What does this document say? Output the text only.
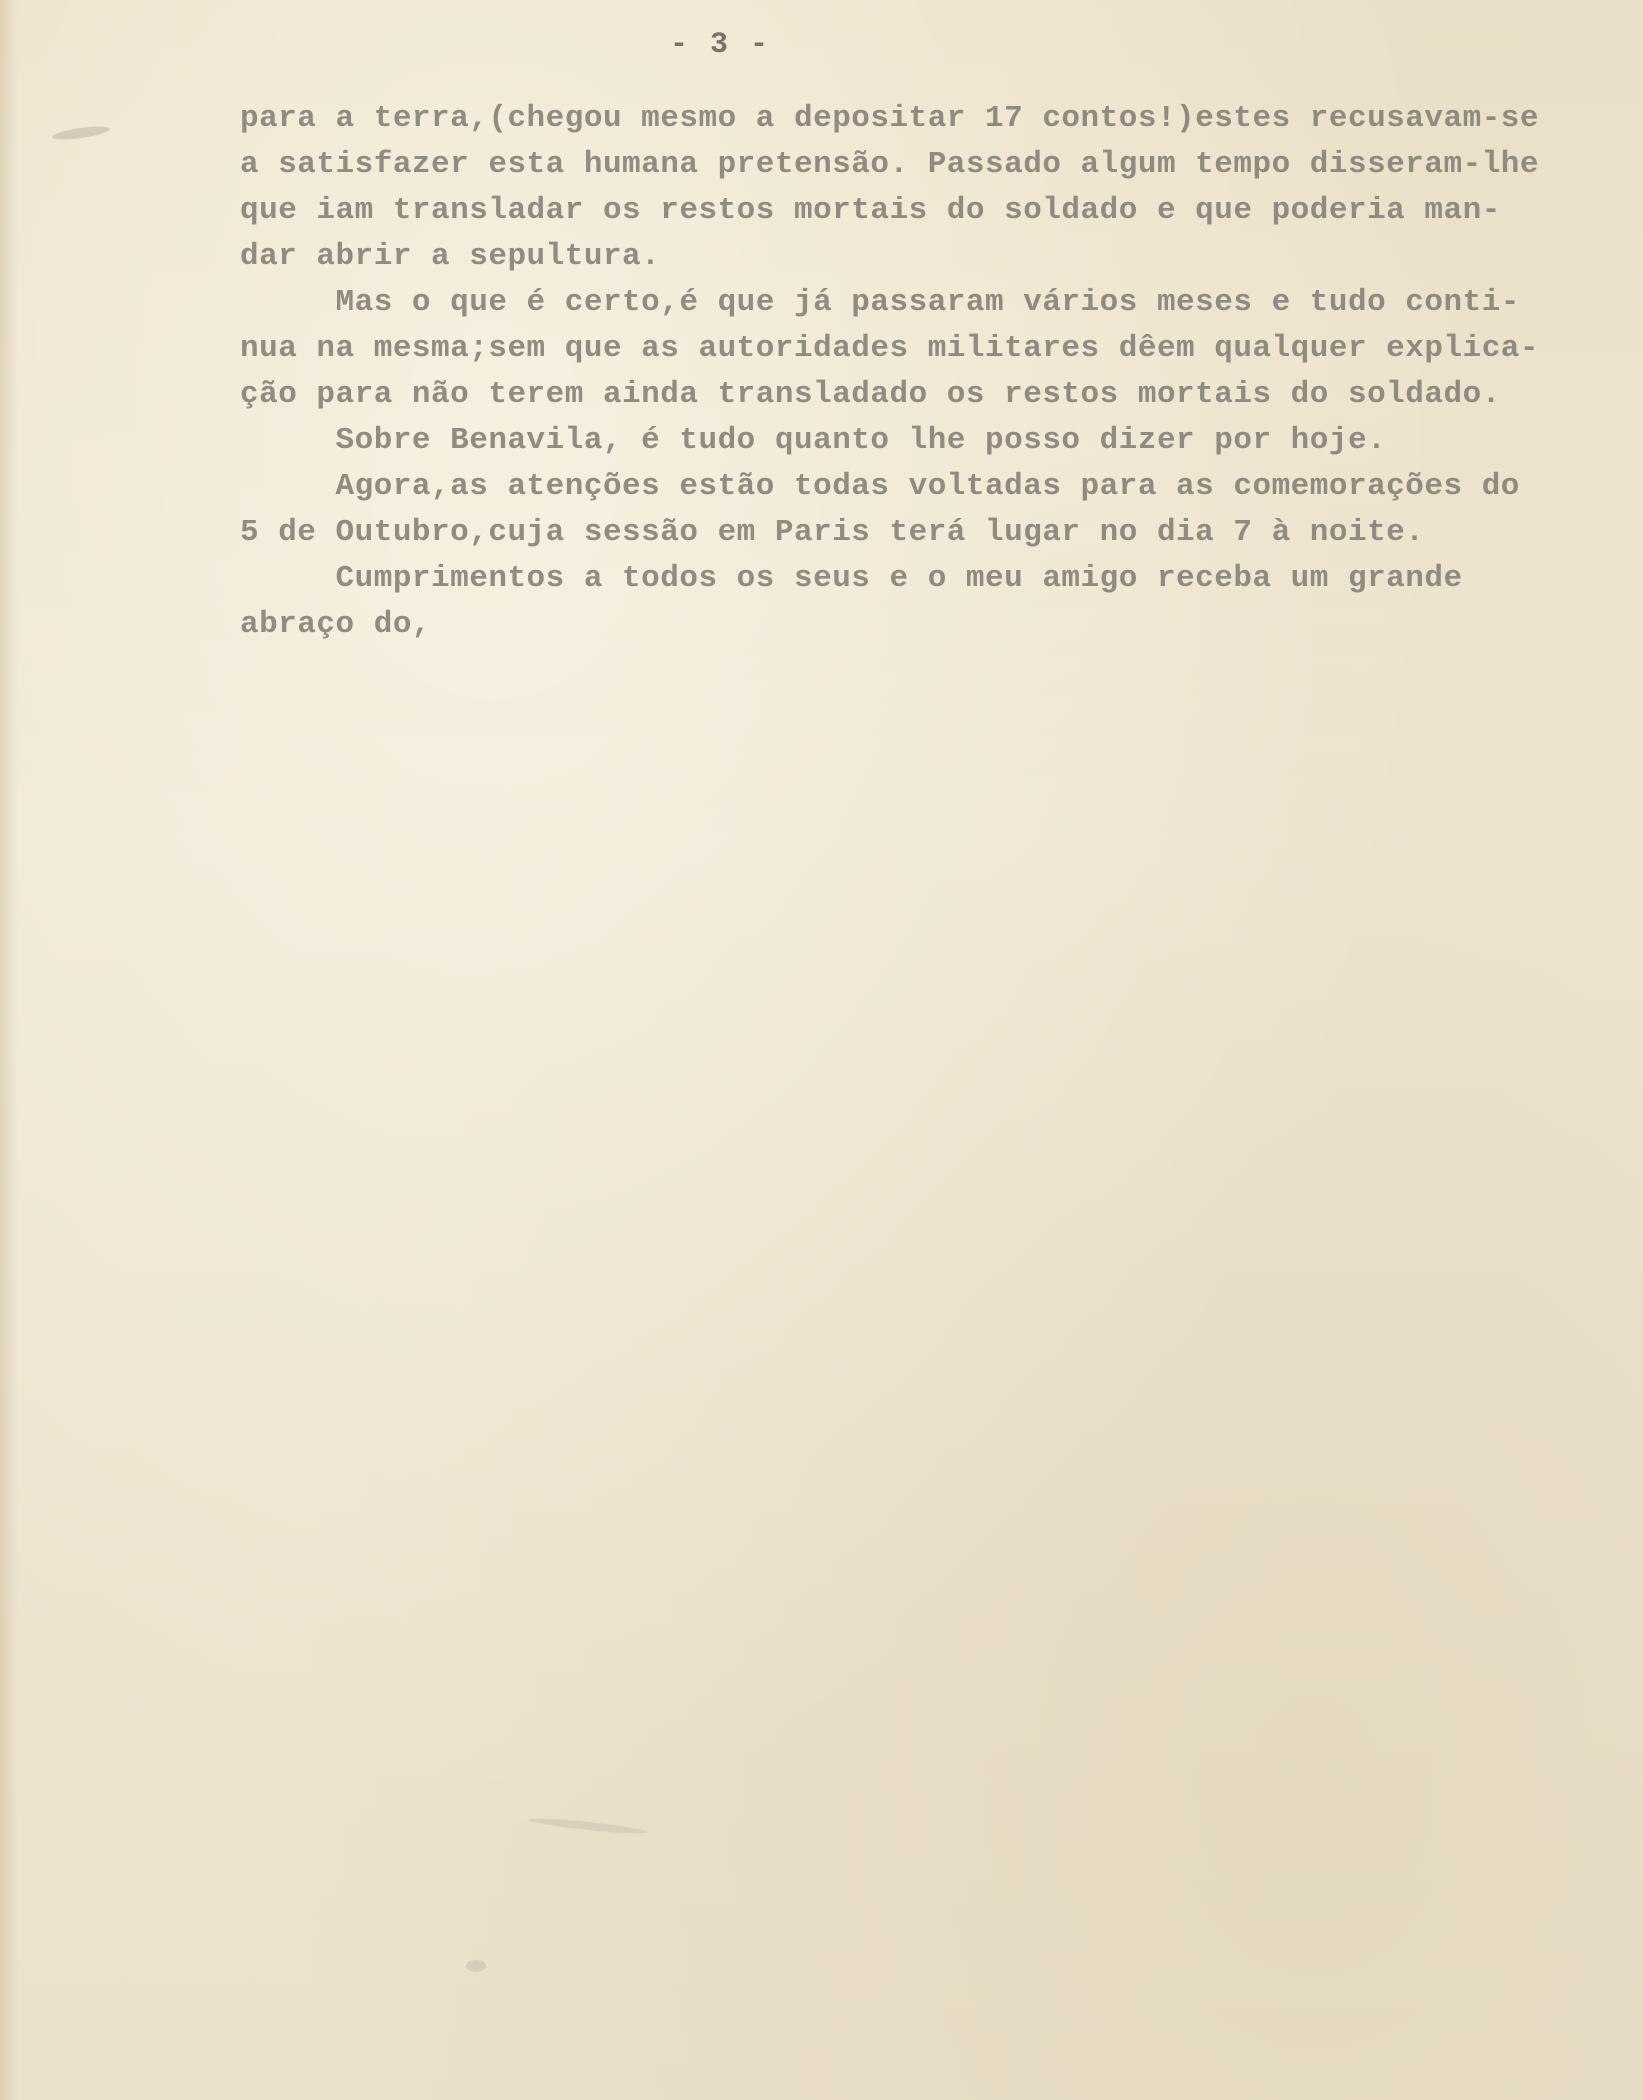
- 3 -
para a terra,(chegou mesmo a depositar 17 contos!)estes recusavam-se
a satisfazer esta humana pretensão. Passado algum tempo disseram-lhe
que iam transladar os restos mortais do soldado e que poderia man-
dar abrir a sepultura.
Mas o que é certo,é que já passaram vários meses e tudo conti-
nua na mesma;sem que as autoridades militares dêem qualquer explica-
ção para não terem ainda transladado os restos mortais do soldado.
Sobre Benavila, é tudo quanto lhe posso dizer por hoje.
Agora,as atenções estão todas voltadas para as comemorações do
5 de Outubro,cuja sessão em Paris terá lugar no dia 7 à noite.
Cumprimentos a todos os seus e o meu amigo receba um grande
abraço do,
